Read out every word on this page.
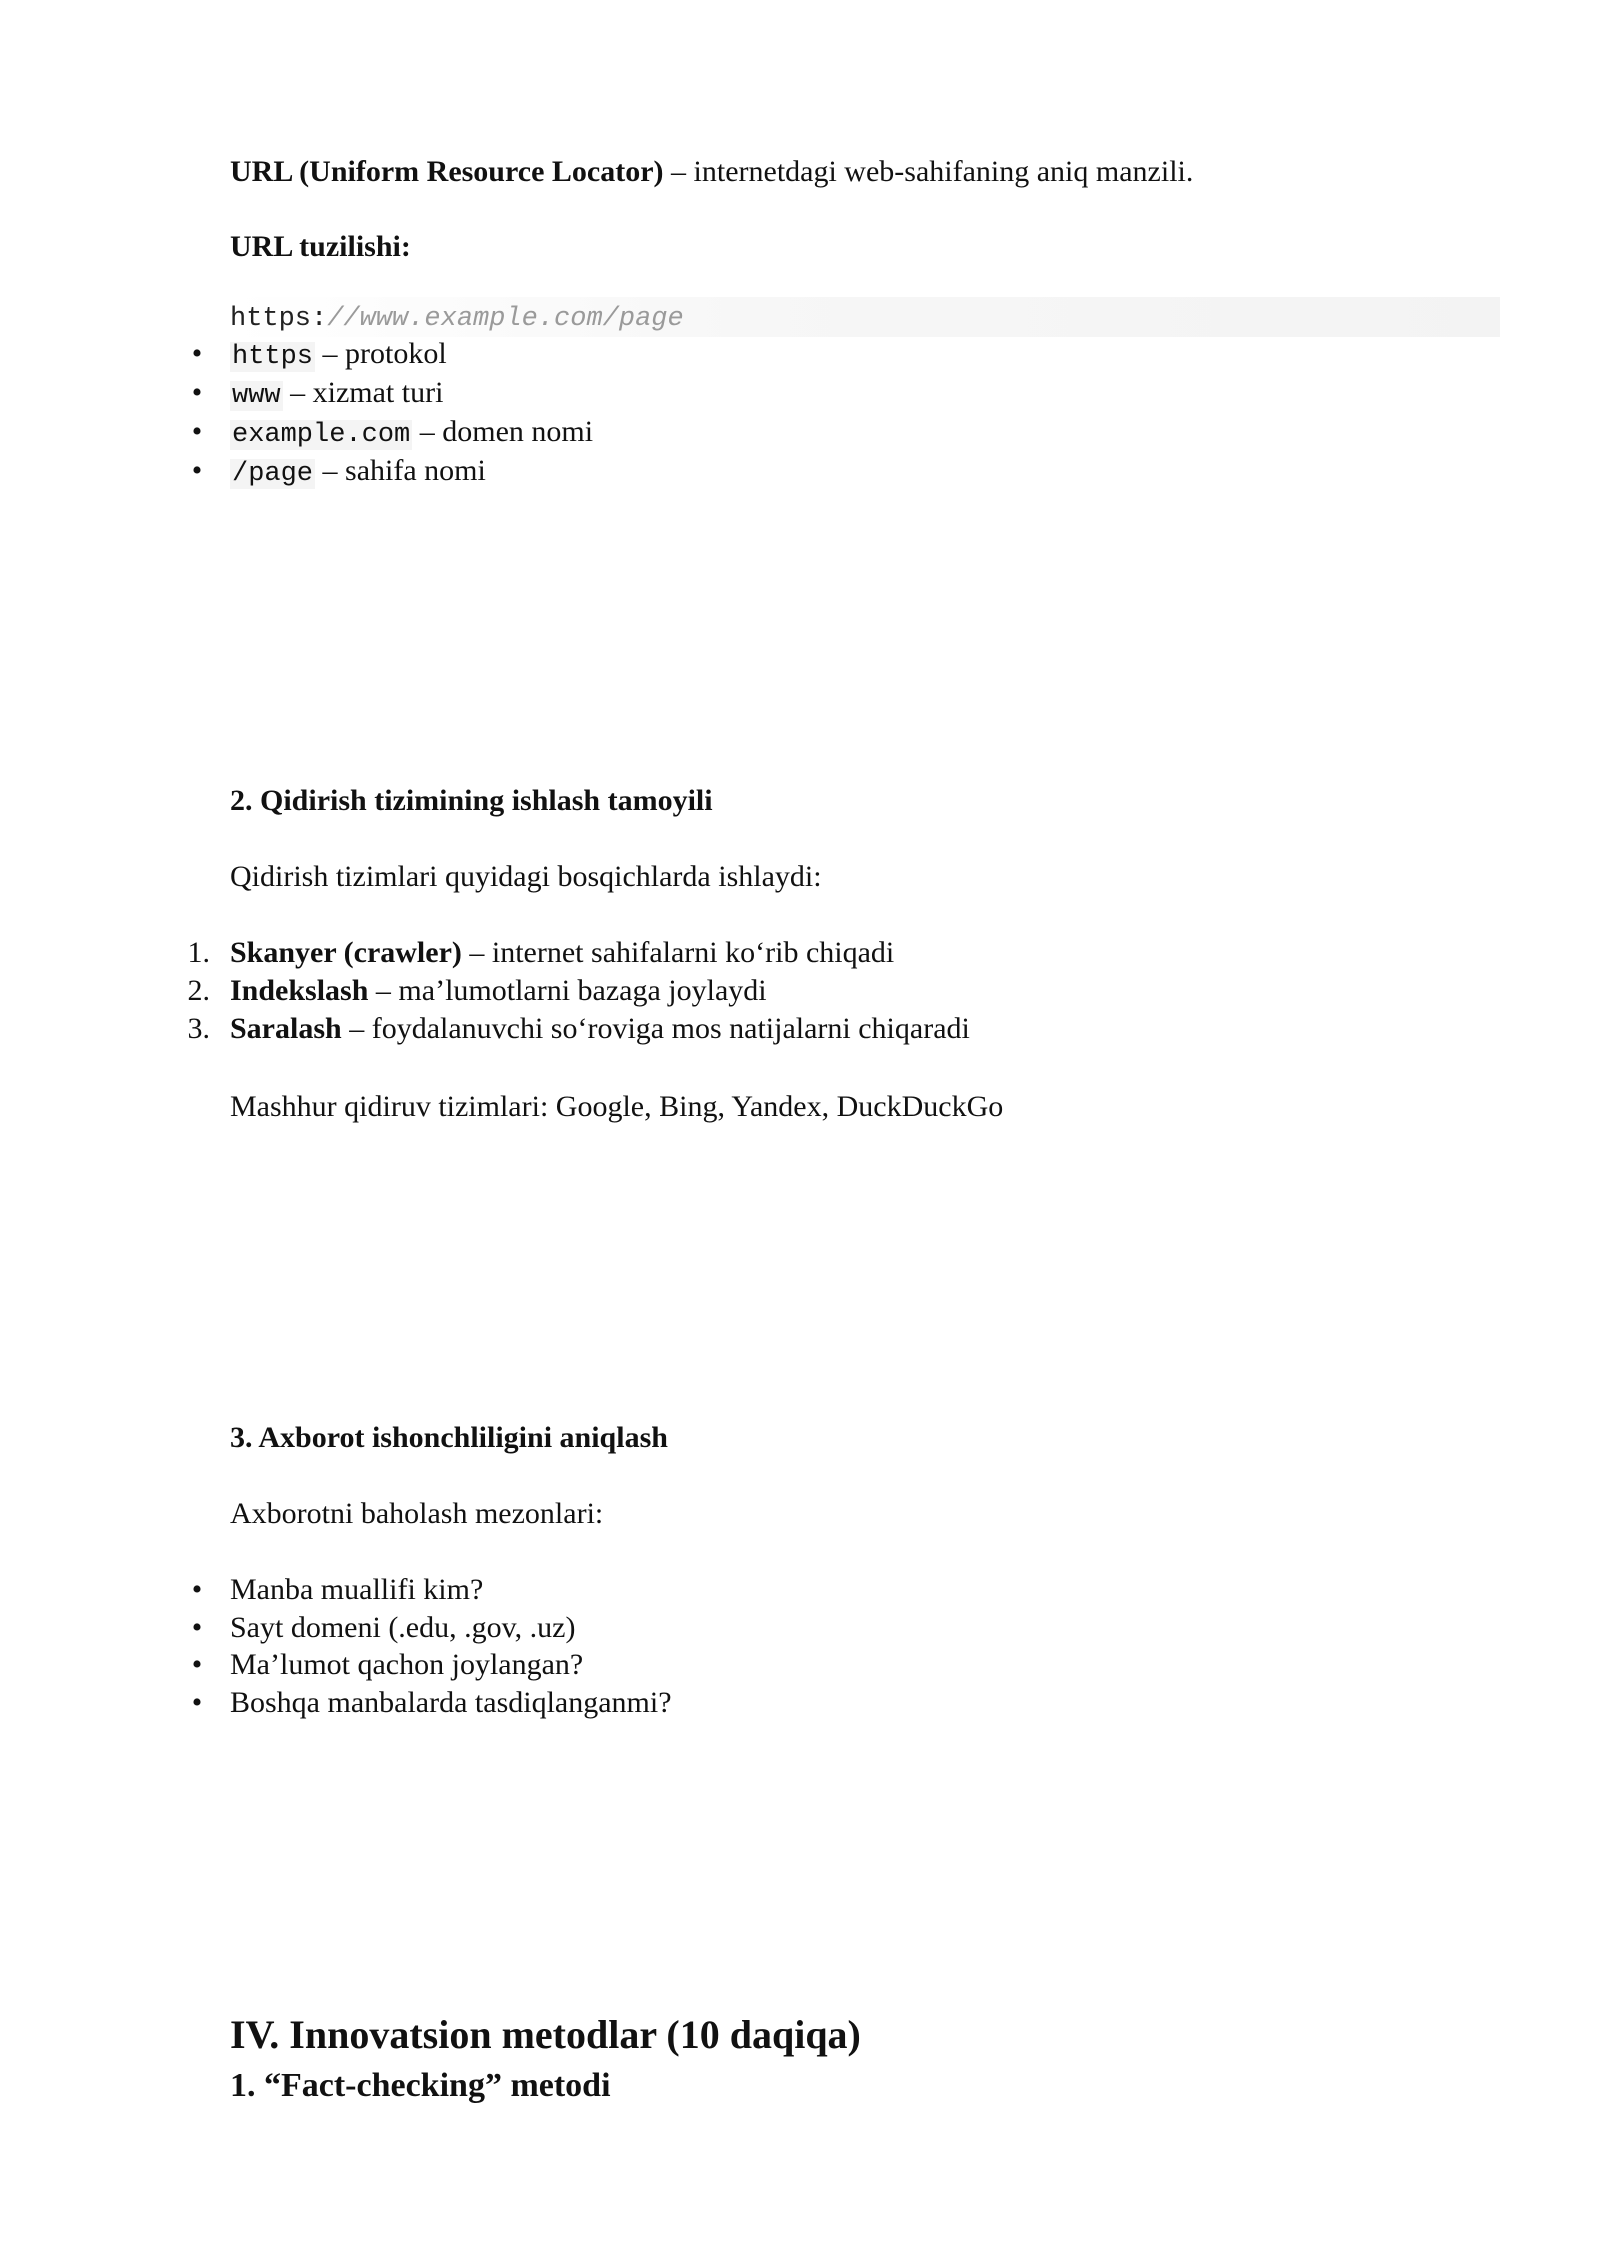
URL (Uniform Resource Locator) – internetdagi web-sahifaning aniq manzili.
URL tuzilishi:
https://www.example.com/page
•	https – protokol
•	www – xizmat turi
•	example.com – domen nomi
•	/page – sahifa nomi
2. Qidirish tizimining ishlash tamoyili
Qidirish tizimlari quyidagi bosqichlarda ishlaydi:
1. Skanyer (crawler) – internet sahifalarni ko‘rib chiqadi
2. Indekslash – ma’lumotlarni bazaga joylaydi
3. Saralash – foydalanuvchi so‘roviga mos natijalarni chiqaradi
Mashhur qidiruv tizimlari: Google, Bing, Yandex, DuckDuckGo
3. Axborot ishonchliligini aniqlash
Axborotni baholash mezonlari:
• Manba muallifi kim?
• Sayt domeni (.edu, .gov, .uz)
• Ma’lumot qachon joylangan?
• Boshqa manbalarda tasdiqlanganmi?
IV. Innovatsion metodlar (10 daqiqa)
1. “Fact-checking” metodi
